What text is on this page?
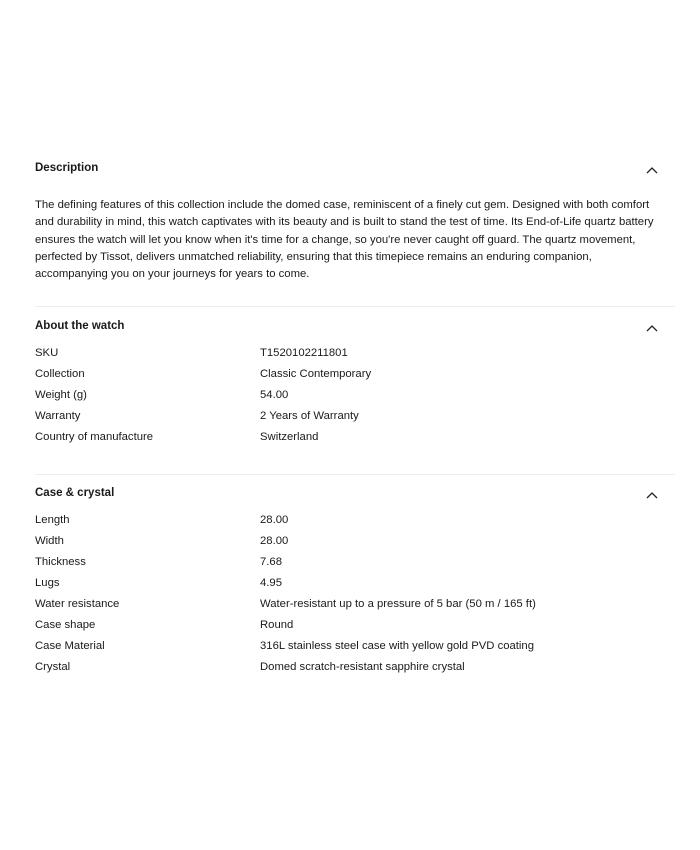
Description
The defining features of this collection include the domed case, reminiscent of a finely cut gem. Designed with both comfort and durability in mind, this watch captivates with its beauty and is built to stand the test of time. Its End-of-Life quartz battery ensures the watch will let you know when it's time for a change, so you're never caught off guard. The quartz movement, perfected by Tissot, delivers unmatched reliability, ensuring that this timepiece remains an enduring companion, accompanying you on your journeys for years to come.
About the watch
SKU	T1520102211801
Collection	Classic Contemporary
Weight (g)	54.00
Warranty	2 Years of Warranty
Country of manufacture	Switzerland
Case & crystal
Length	28.00
Width	28.00
Thickness	7.68
Lugs	4.95
Water resistance	Water-resistant up to a pressure of 5 bar (50 m / 165 ft)
Case shape	Round
Case Material	316L stainless steel case with yellow gold PVD coating
Crystal	Domed scratch-resistant sapphire crystal
